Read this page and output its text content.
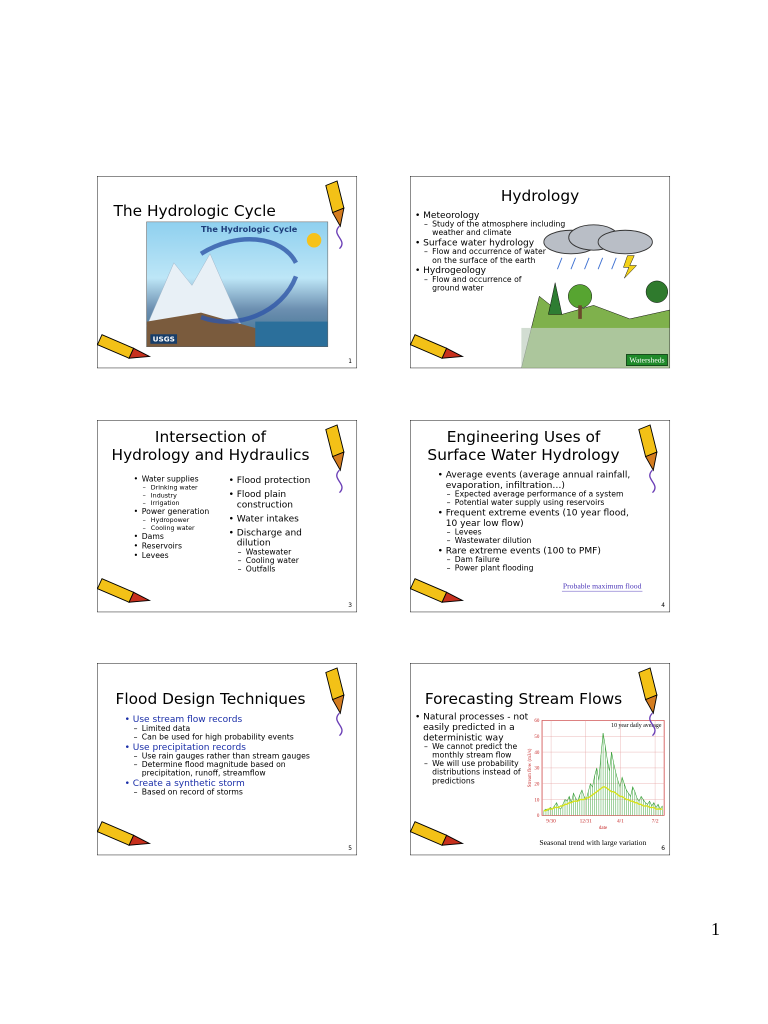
The Hydrologic Cycle
The Hydrologic Cycle
USGS
1
Hydrology
• Meteorology
– Study of the atmosphere including weather and climate
• Surface water hydrology
– Flow and occurrence of water on the surface of the earth
• Hydrogeology
– Flow and occurrence of ground water
Watersheds
Intersection of
Hydrology and Hydraulics
• Water supplies
– Drinking water
– Industry
– Irrigation
• Power generation
– Hydropower
– Cooling water
• Dams
• Reservoirs
• Levees
• Flood protection
• Flood plain construction
• Water intakes
• Discharge and dilution
– Wastewater
– Cooling water
– Outfalls
3
Engineering Uses of
Surface Water Hydrology
• Average events (average annual rainfall, evaporation, infiltration…)
– Expected average performance of a system
– Potential water supply using reservoirs
• Frequent extreme events (10 year flood, 10 year low flow)
– Levees
– Wastewater dilution
• Rare extreme events (100 to PMF)
– Dam failure
– Power plant flooding
Probable maximum flood
4
Flood Design Techniques
• Use stream flow records
– Limited data
– Can be used for high probability events
• Use precipitation records
– Use rain gauges rather than stream gauges
– Determine flood magnitude based on precipitation, runoff, streamflow
• Create a synthetic storm
– Based on record of storms
5
Forecasting Stream Flows
• Natural processes - not easily predicted in a deterministic way
– We cannot predict the monthly stream flow
– We will use probability distributions instead of predictions
0
10
20
30
40
50
60
9/30 12/31 4/1 7/2
date
Stream flow (m3/s)
10 year daily average
Seasonal trend with large variation
6
1
